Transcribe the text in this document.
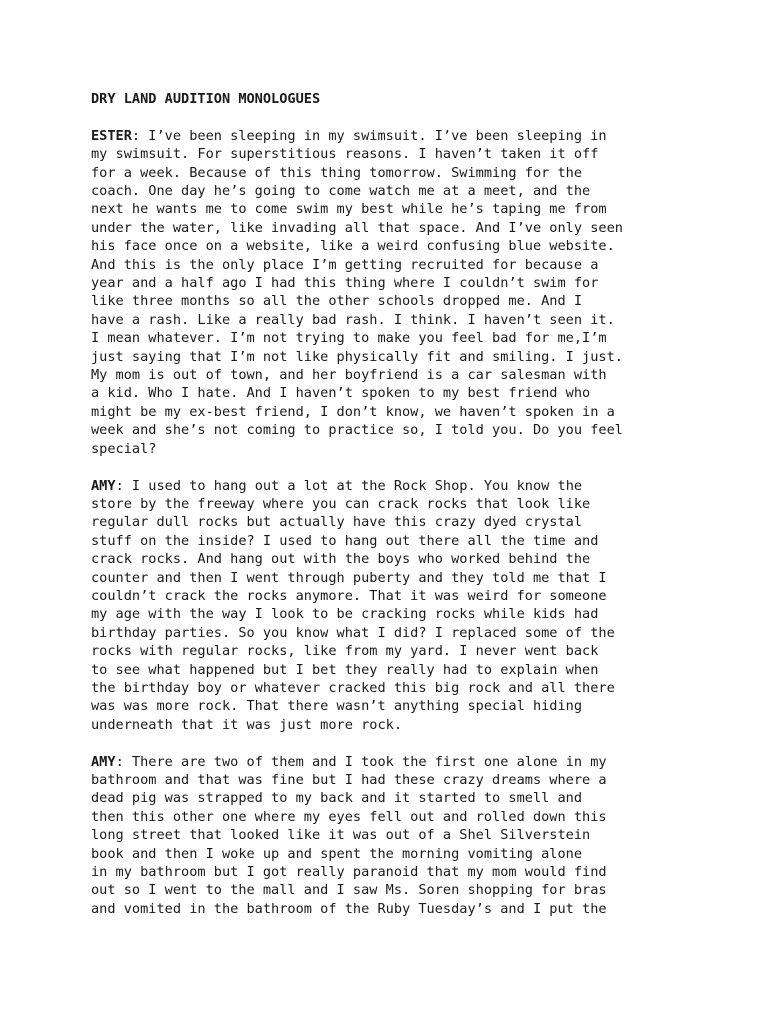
DRY LAND AUDITION MONOLOGUES
ESTER: I’ve been sleeping in my swimsuit. I’ve been sleeping in
my swimsuit. For superstitious reasons. I haven’t taken it off
for a week. Because of this thing tomorrow. Swimming for the
coach. One day he’s going to come watch me at a meet, and the
next he wants me to come swim my best while he’s taping me from
under the water, like invading all that space. And I’ve only seen
his face once on a website, like a weird confusing blue website.
And this is the only place I’m getting recruited for because a
year and a half ago I had this thing where I couldn’t swim for
like three months so all the other schools dropped me. And I
have a rash. Like a really bad rash. I think. I haven’t seen it.
I mean whatever. I’m not trying to make you feel bad for me,I’m
just saying that I’m not like physically fit and smiling. I just.
My mom is out of town, and her boyfriend is a car salesman with
a kid. Who I hate. And I haven’t spoken to my best friend who
might be my ex-best friend, I don’t know, we haven’t spoken in a
week and she’s not coming to practice so, I told you. Do you feel
special?
AMY: I used to hang out a lot at the Rock Shop. You know the
store by the freeway where you can crack rocks that look like
regular dull rocks but actually have this crazy dyed crystal
stuff on the inside? I used to hang out there all the time and
crack rocks. And hang out with the boys who worked behind the
counter and then I went through puberty and they told me that I
couldn’t crack the rocks anymore. That it was weird for someone
my age with the way I look to be cracking rocks while kids had
birthday parties. So you know what I did? I replaced some of the
rocks with regular rocks, like from my yard. I never went back
to see what happened but I bet they really had to explain when
the birthday boy or whatever cracked this big rock and all there
was was more rock. That there wasn’t anything special hiding
underneath that it was just more rock.
AMY: There are two of them and I took the first one alone in my
bathroom and that was fine but I had these crazy dreams where a
dead pig was strapped to my back and it started to smell and
then this other one where my eyes fell out and rolled down this
long street that looked like it was out of a Shel Silverstein
book and then I woke up and spent the morning vomiting alone
in my bathroom but I got really paranoid that my mom would find
out so I went to the mall and I saw Ms. Soren shopping for bras
and vomited in the bathroom of the Ruby Tuesday’s and I put the
